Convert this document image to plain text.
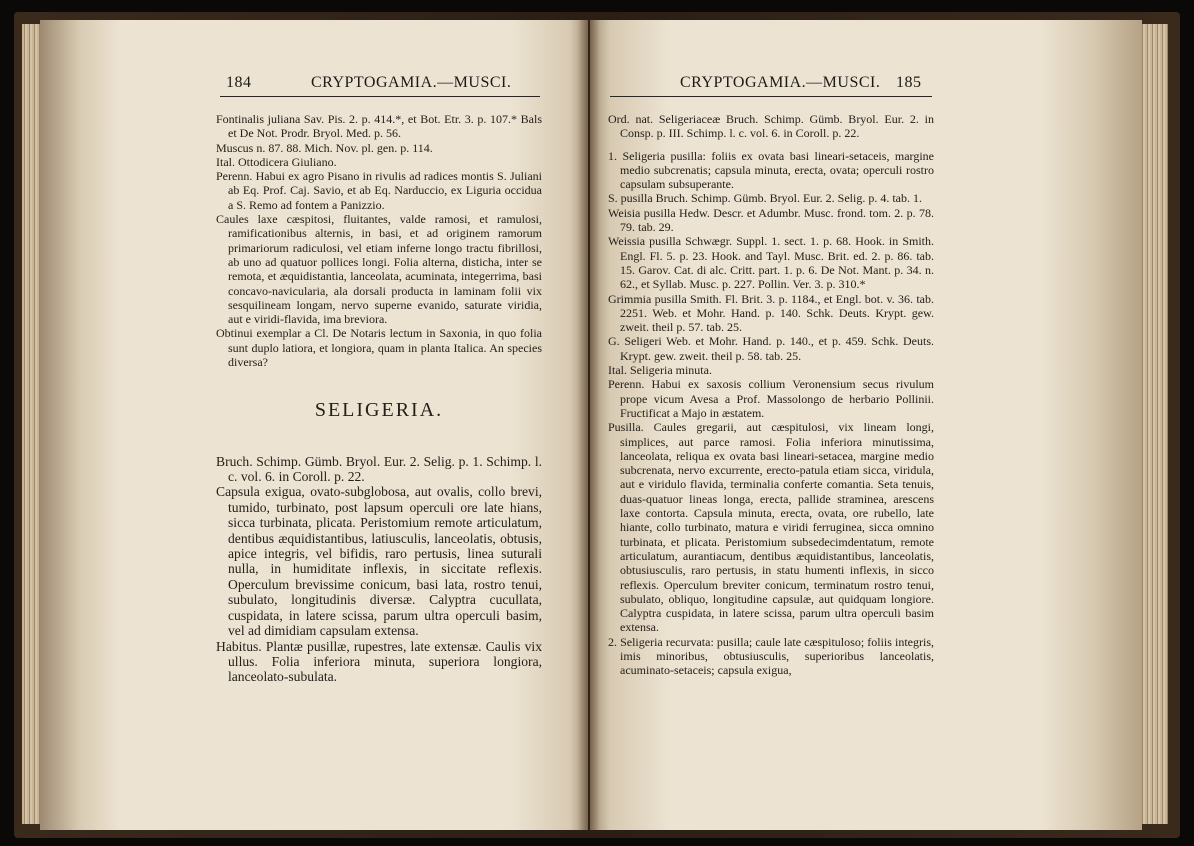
184	CRYPTOGAMIA.—MUSCI.

Fontinalis juliana Sav. Pis. 2. p. 414.*, et Bot. Etr. 3. p. 107.* Bals et De Not. Prodr. Bryol. Med. p. 56.

Muscus n. 87. 88. Mich. Nov. pl. gen. p. 114.

Ital. Ottodicera Giuliano.

Perenn. Habui ex agro Pisano in rivulis ad radices montis S. Juliani ab Eq. Prof. Caj. Savio, et ab Eq. Narduccio, ex Liguria occidua a S. Remo ad fontem a Panizzio.

Caules laxe cæspitosi, fluitantes, valde ramosi, et ramulosi, ramificationibus alternis, in basi, et ad originem ramorum primariorum radiculosi, vel etiam inferne longo tractu fibrillosi, ab uno ad quatuor pollices longi. Folia alterna, disticha, inter se remota, et æquidistantia, lanceolata, acuminata, integerrima, basi concavo-navicularia, ala dorsali producta in laminam folii vix sesquilineam longam, nervo superne evanido, saturate viridia, aut e viridi-flavida, ima breviora.

Obtinui exemplar a Cl. De Notaris lectum in Saxonia, in quo folia sunt duplo latiora, et longiora, quam in planta Italica. An species diversa?

SELIGERIA.

Bruch. Schimp. Gümb. Bryol. Eur. 2. Selig. p. 1. Schimp. l. c. vol. 6. in Coroll. p. 22.

Capsula exigua, ovato-subglobosa, aut ovalis, collo brevi, tumido, turbinato, post lapsum operculi ore late hians, sicca turbinata, plicata. Peristomium remote articulatum, dentibus æquidistantibus, latiusculis, lanceolatis, obtusis, apice integris, vel bifidis, raro pertusis, linea suturali nulla, in humiditate inflexis, in siccitate reflexis. Operculum brevissime conicum, basi lata, rostro tenui, subulato, longitudinis diversæ. Calyptra cucullata, cuspidata, in latere scissa, parum ultra operculi basim, vel ad dimidiam capsulam extensa.

Habitus. Plantæ pusillæ, rupestres, late extensæ. Caulis vix ullus. Folia inferiora minuta, superiora longiora, lanceolato-subulata.

CRYPTOGAMIA.—MUSCI. 185

Ord. nat. Seligeriaceæ Bruch. Schimp. Gümb. Bryol. Eur. 2. in Consp. p. III. Schimp. l. c. vol. 6. in Coroll. p. 22.

1. Seligeria pusilla: foliis ex ovata basi lineari-setaceis, margine medio subcrenatis; capsula minuta, erecta, ovata; operculi rostro capsulam subsuperante.

S. pusilla Bruch. Schimp. Gümb. Bryol. Eur. 2. Selig. p. 4. tab. 1.

Weisia pusilla Hedw. Descr. et Adumbr. Musc. frond. tom. 2. p. 78. 79. tab. 29.

Weissia pusilla Schwægr. Suppl. 1. sect. 1. p. 68. Hook. in Smith. Engl. Fl. 5. p. 23. Hook. and Tayl. Musc. Brit. ed. 2. p. 86. tab. 15. Garov. Cat. di alc. Critt. part. 1. p. 6. De Not. Mant. p. 34. n. 62., et Syllab. Musc. p. 227. Pollin. Ver. 3. p. 310.*

Grimmia pusilla Smith. Fl. Brit. 3. p. 1184., et Engl. bot. v. 36. tab. 2251. Web. et Mohr. Hand. p. 140. Schk. Deuts. Krypt. gew. zweit. theil p. 57. tab. 25.

G. Seligeri Web. et Mohr. Hand. p. 140., et p. 459. Schk. Deuts. Krypt. gew. zweit. theil p. 58. tab. 25.

Ital. Seligeria minuta.

Perenn. Habui ex saxosis collium Veronensium secus rivulum prope vicum Avesa a Prof. Massolongo de herbario Pollinii. Fructificat a Majo in æstatem.

Pusilla. Caules gregarii, aut cæspitulosi, vix lineam longi, simplices, aut parce ramosi. Folia inferiora minutissima, lanceolata, reliqua ex ovata basi lineari-setacea, margine medio subcrenata, nervo excurrente, erecto-patula etiam sicca, viridula, aut e viridulo flavida, terminalia conferte comantia. Seta tenuis, duas-quatuor lineas longa, erecta, pallide straminea, arescens laxe contorta. Capsula minuta, erecta, ovata, ore rubello, late hiante, collo turbinato, matura e viridi ferruginea, sicca omnino turbinata, et plicata. Peristomium subsedecimdentatum, remote articulatum, aurantiacum, dentibus æquidistantibus, lanceolatis, obtusiusculis, raro pertusis, in statu humenti inflexis, in sicco reflexis. Operculum breviter conicum, terminatum rostro tenui, subulato, obliquo, longitudine capsulæ, aut quidquam longiore. Calyptra cuspidata, in latere scissa, parum ultra operculi basim extensa.

2. Seligeria recurvata: pusilla; caule late cæspituloso; foliis integris, imis minoribus, obtusiusculis, superioribus lanceolatis, acuminato-setaceis; capsula exigua,
